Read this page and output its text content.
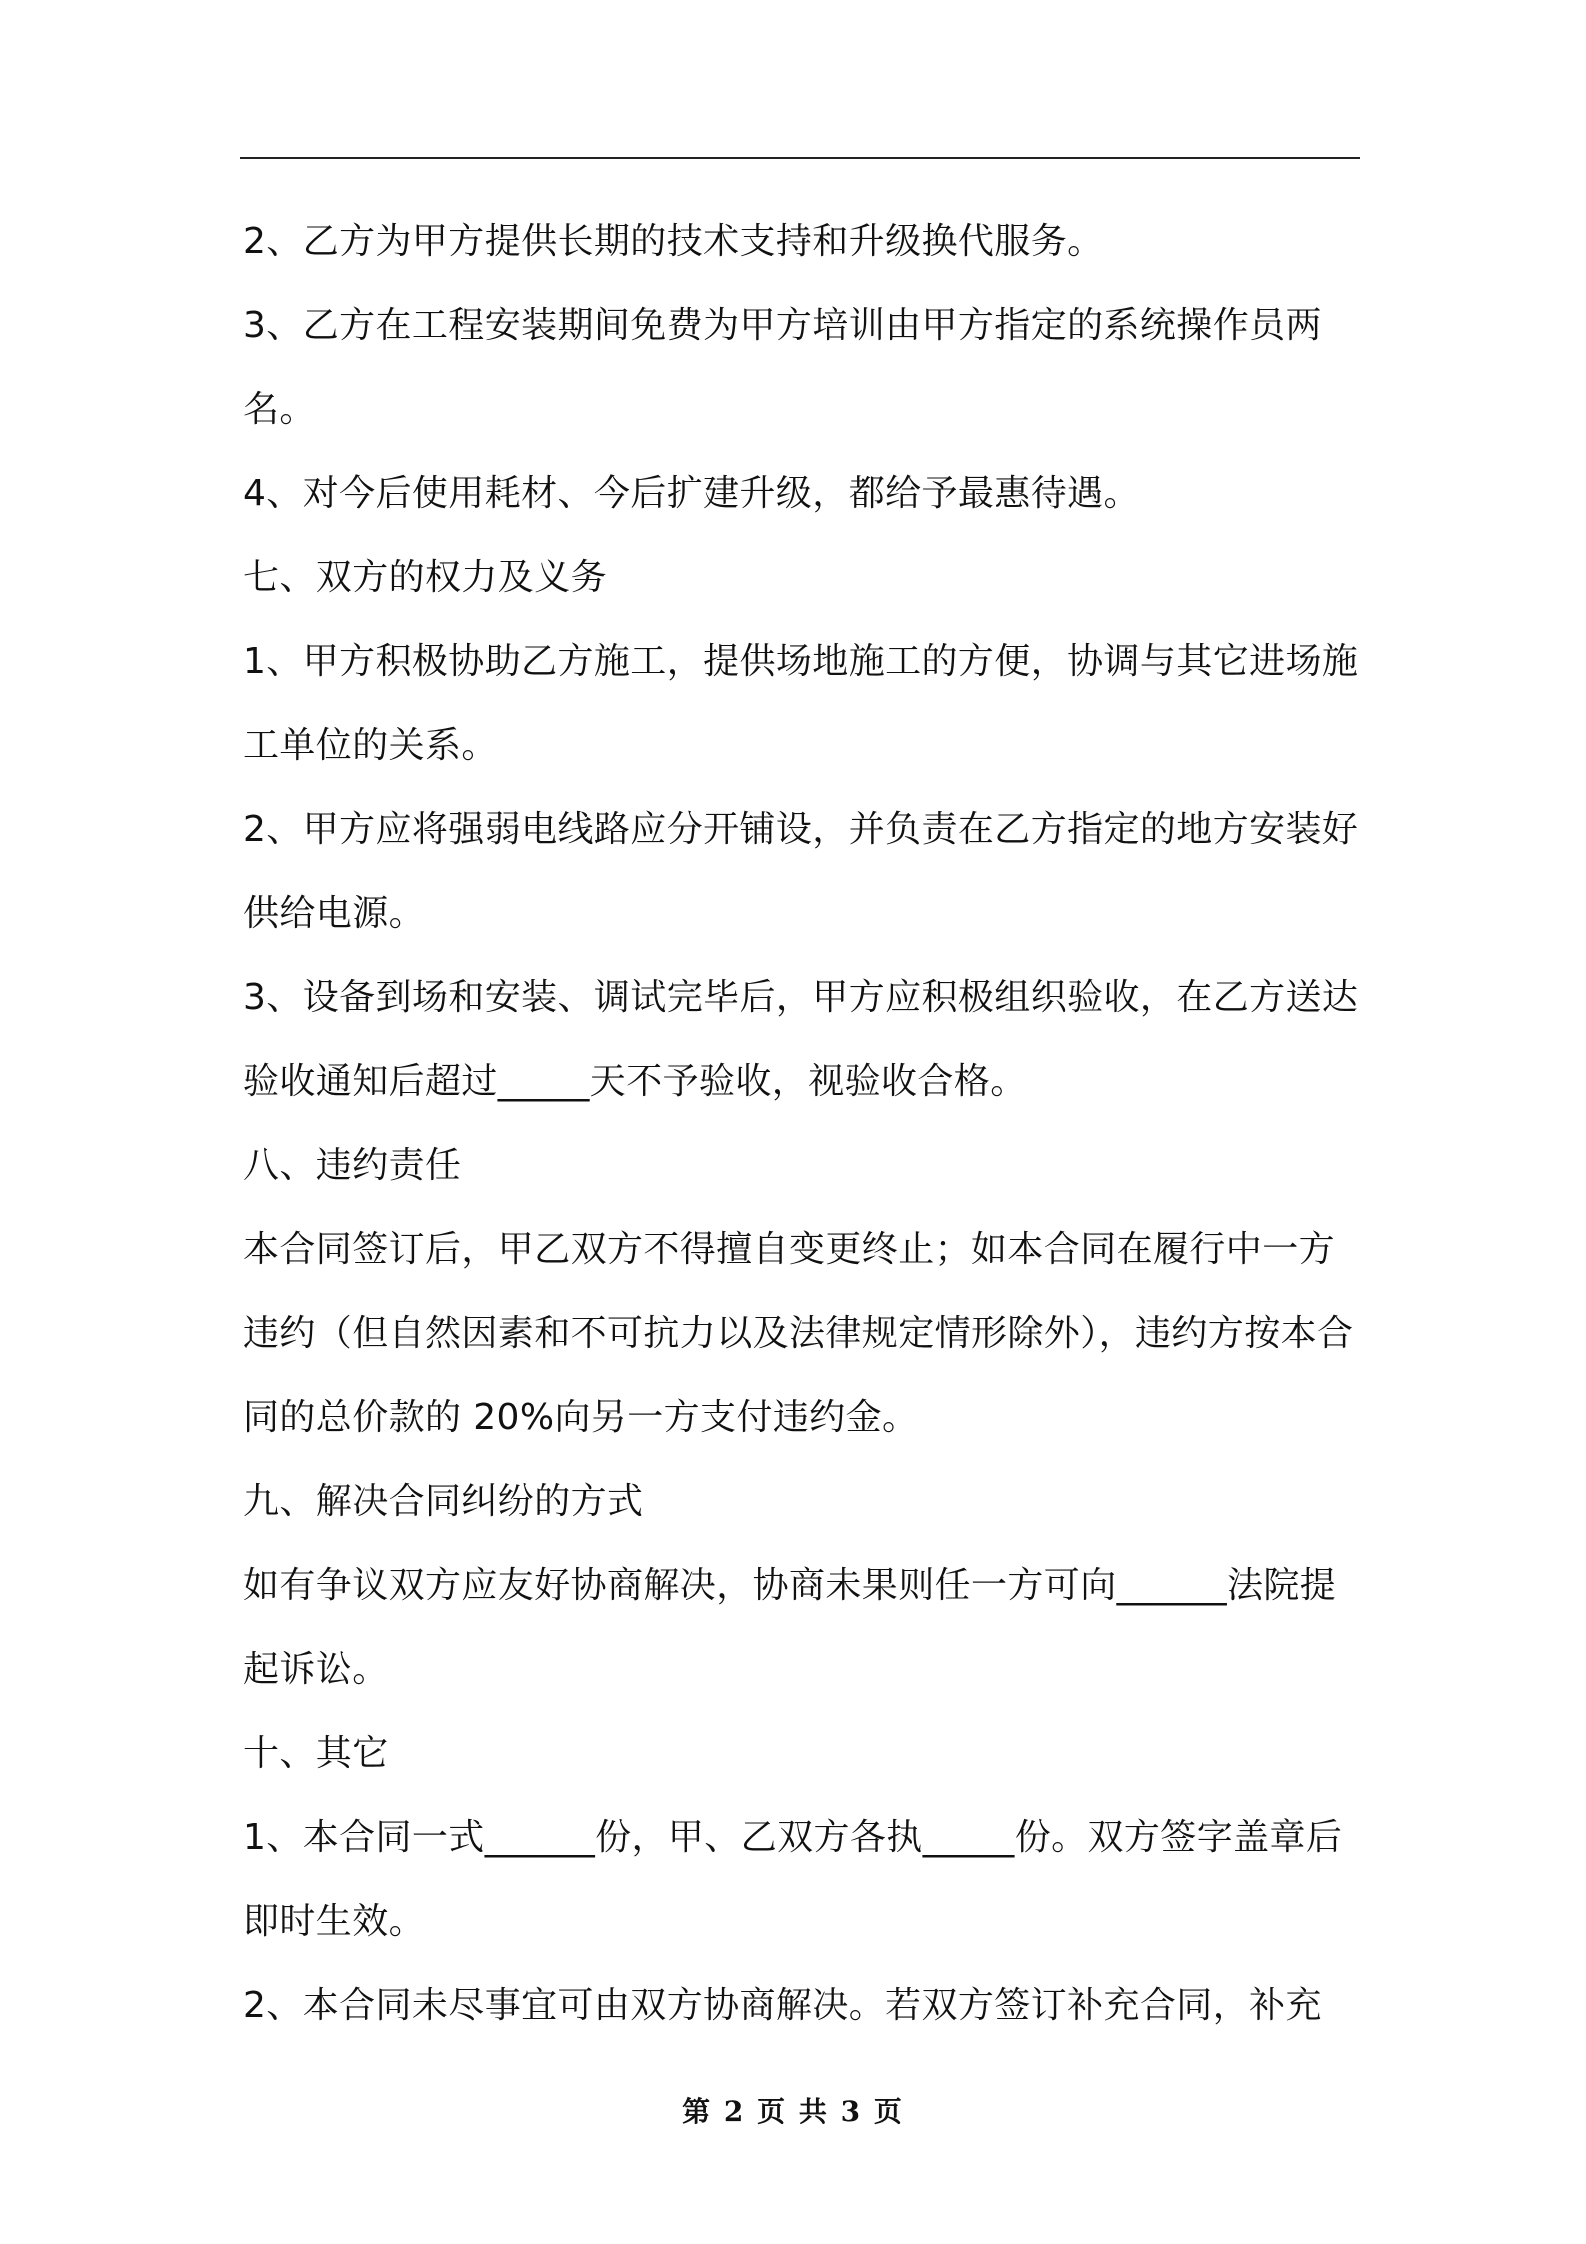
2、乙方为甲方提供长期的技术支持和升级换代服务。

3、乙方在工程安装期间免费为甲方培训由甲方指定的系统操作员两名。

4、对今后使用耗材、今后扩建升级，都给予最惠待遇。

七、双方的权力及义务

1、甲方积极协助乙方施工，提供场地施工的方便，协调与其它进场施工单位的关系。

2、甲方应将强弱电线路应分开铺设，并负责在乙方指定的地方安装好供给电源。

3、设备到场和安装、调试完毕后，甲方应积极组织验收，在乙方送达验收通知后超过_____天不予验收，视验收合格。

八、违约责任

本合同签订后，甲乙双方不得擅自变更终止；如本合同在履行中一方违约（但自然因素和不可抗力以及法律规定情形除外），违约方按本合同的总价款的 20%向另一方支付违约金。

九、解决合同纠纷的方式

如有争议双方应友好协商解决，协商未果则任一方可向______法院提起诉讼。

十、其它

1、本合同一式______份，甲、乙双方各执_____份。双方签字盖章后即时生效。

2、本合同未尽事宜可由双方协商解决。若双方签订补充合同，补充

第 2 页 共 3 页
